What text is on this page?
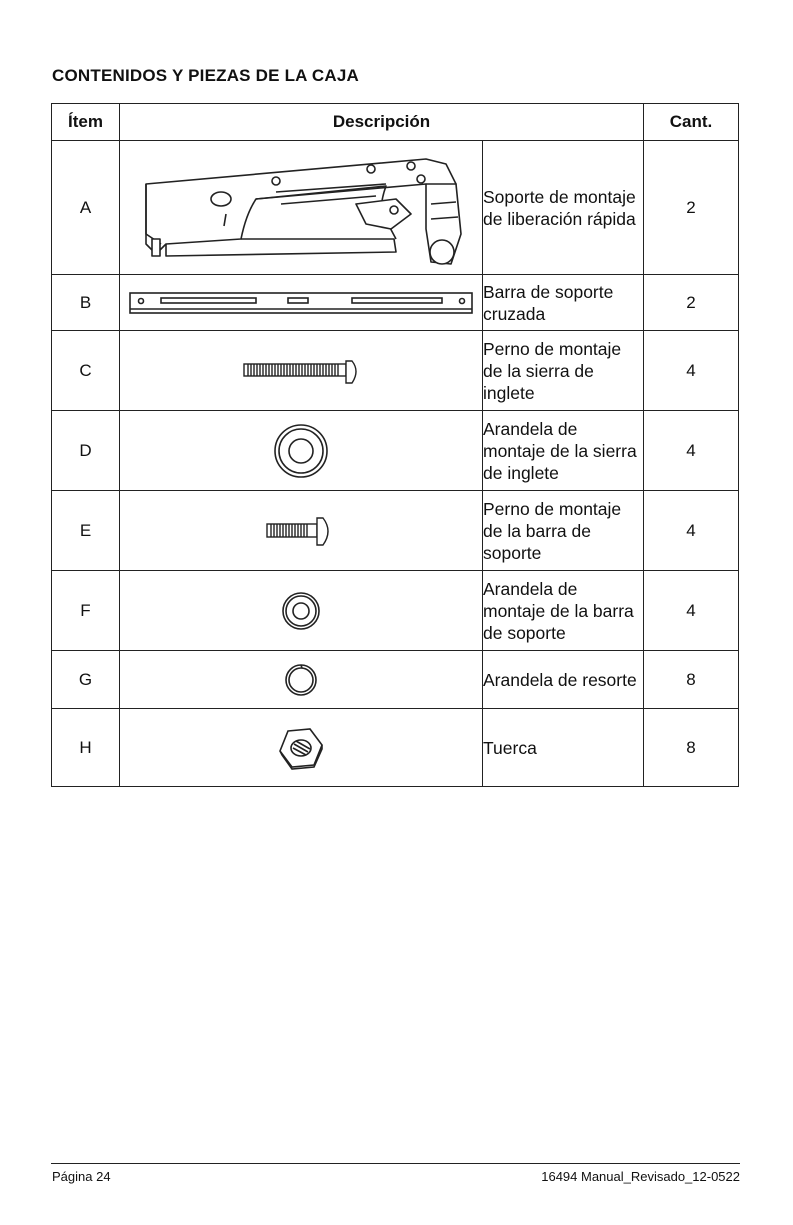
CONTENIDOS Y PIEZAS DE LA CAJA
Ítem	Descripción		Cant.
A		Soporte de montaje de liberación rápida	2
B		Barra de soporte cruzada	2
C		Perno de montaje de la sierra de inglete	4
D		Arandela de montaje de la sierra de inglete	4
E		Perno de montaje de la barra de soporte	4
F		Arandela de montaje de la barra de soporte	4
G		Arandela de resorte	8
H		Tuerca	8
Página 24	16494 Manual_Revisado_12-0522
